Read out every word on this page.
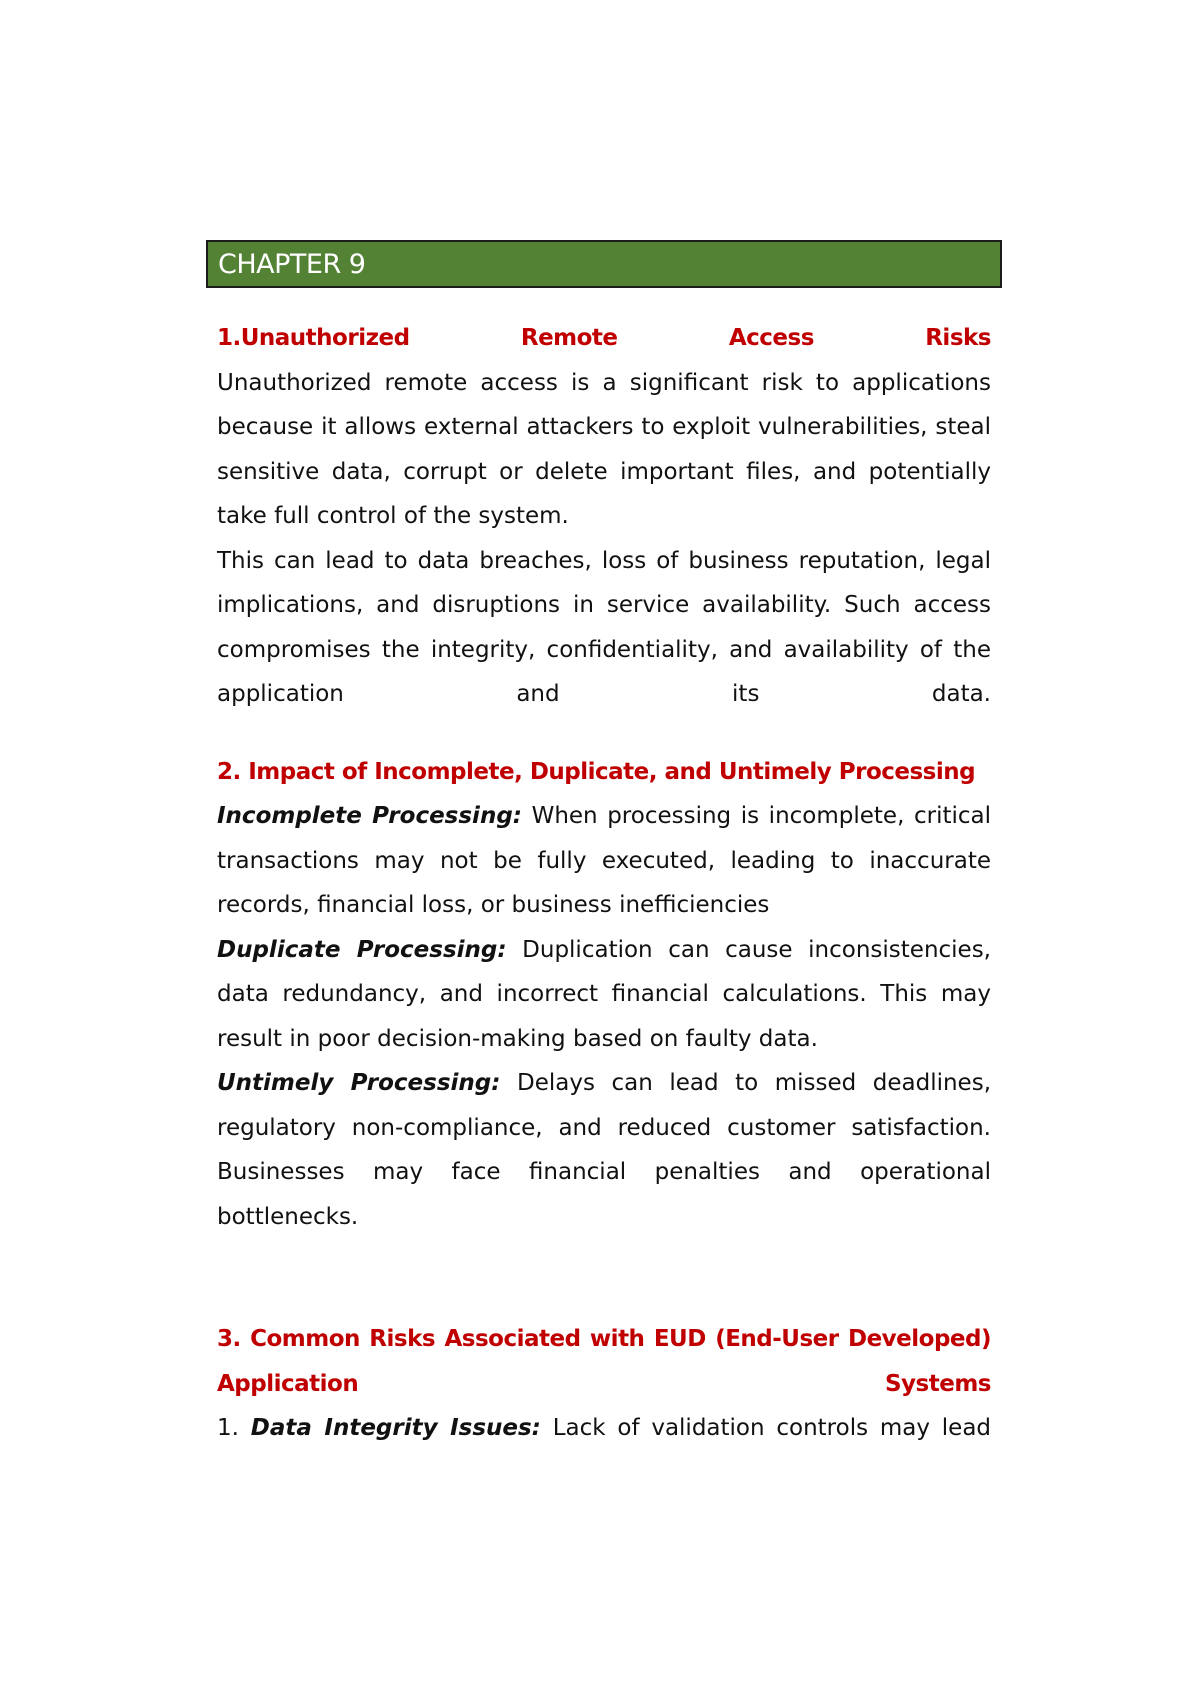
CHAPTER 9

1.Unauthorized Remote Access Risks

Unauthorized remote access is a significant risk to applications because it allows external attackers to exploit vulnerabilities, steal sensitive data, corrupt or delete important files, and potentially take full control of the system.

This can lead to data breaches, loss of business reputation, legal implications, and disruptions in service availability. Such access compromises the integrity, confidentiality, and availability of the application and its data.

2. Impact of Incomplete, Duplicate, and Untimely Processing

Incomplete Processing: When processing is incomplete, critical transactions may not be fully executed, leading to inaccurate records, financial loss, or business inefficiencies

Duplicate Processing: Duplication can cause inconsistencies, data redundancy, and incorrect financial calculations. This may result in poor decision-making based on faulty data.

Untimely Processing: Delays can lead to missed deadlines, regulatory non-compliance, and reduced customer satisfaction. Businesses may face financial penalties and operational bottlenecks.

3. Common Risks Associated with EUD (End-User Developed) Application Systems

1. Data Integrity Issues: Lack of validation controls may lead
